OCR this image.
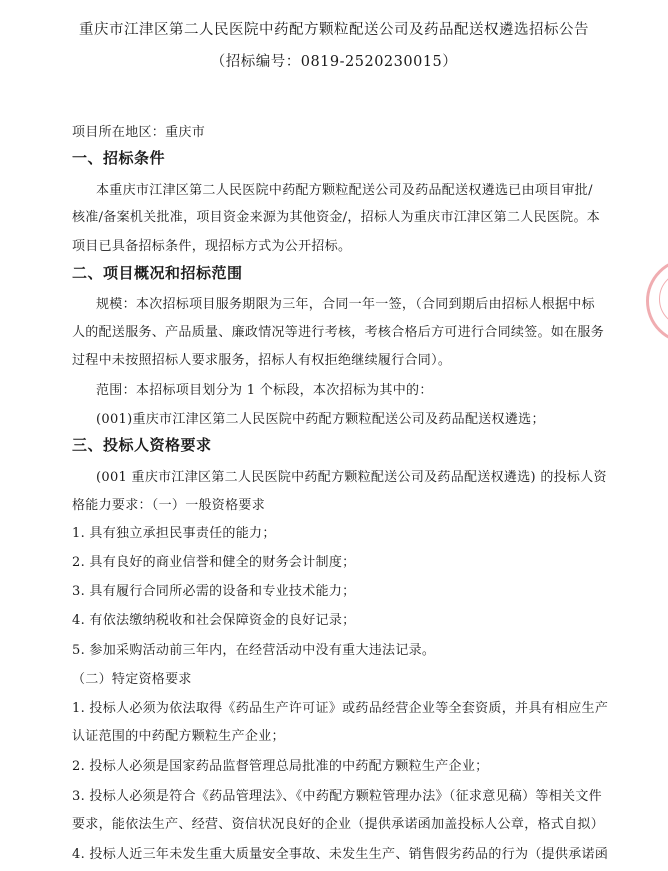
重庆市江津区第二人民医院中药配方颗粒配送公司及药品配送权遴选招标公告
（招标编号：0819-2520230015）
项目所在地区：重庆市
一、招标条件
本重庆市江津区第二人民医院中药配方颗粒配送公司及药品配送权遴选已由项目审批/
核准/备案机关批准，项目资金来源为其他资金/，招标人为重庆市江津区第二人民医院。本
项目已具备招标条件，现招标方式为公开招标。
二、项目概况和招标范围
规模：本次招标项目服务期限为三年，合同一年一签，（合同到期后由招标人根据中标
人的配送服务、产品质量、廉政情况等进行考核，考核合格后方可进行合同续签。如在服务
过程中未按照招标人要求服务，招标人有权拒绝继续履行合同）。
范围：本招标项目划分为 1 个标段，本次招标为其中的：
(001)重庆市江津区第二人民医院中药配方颗粒配送公司及药品配送权遴选；
三、投标人资格要求
(001 重庆市江津区第二人民医院中药配方颗粒配送公司及药品配送权遴选) 的投标人资
格能力要求：（一）一般资格要求
1. 具有独立承担民事责任的能力；
2. 具有良好的商业信誉和健全的财务会计制度；
3. 具有履行合同所必需的设备和专业技术能力；
4. 有依法缴纳税收和社会保障资金的良好记录；
5. 参加采购活动前三年内，在经营活动中没有重大违法记录。
（二）特定资格要求
1. 投标人必须为依法取得《药品生产许可证》或药品经营企业等全套资质，并具有相应生产
认证范围的中药配方颗粒生产企业；
2. 投标人必须是国家药品监督管理总局批准的中药配方颗粒生产企业；
3. 投标人必须是符合《药品管理法》、《中药配方颗粒管理办法》（征求意见稿）等相关文件
要求，能依法生产、经营、资信状况良好的企业（提供承诺函加盖投标人公章，格式自拟）
4. 投标人近三年未发生重大质量安全事故、未发生生产、销售假劣药品的行为（提供承诺函
